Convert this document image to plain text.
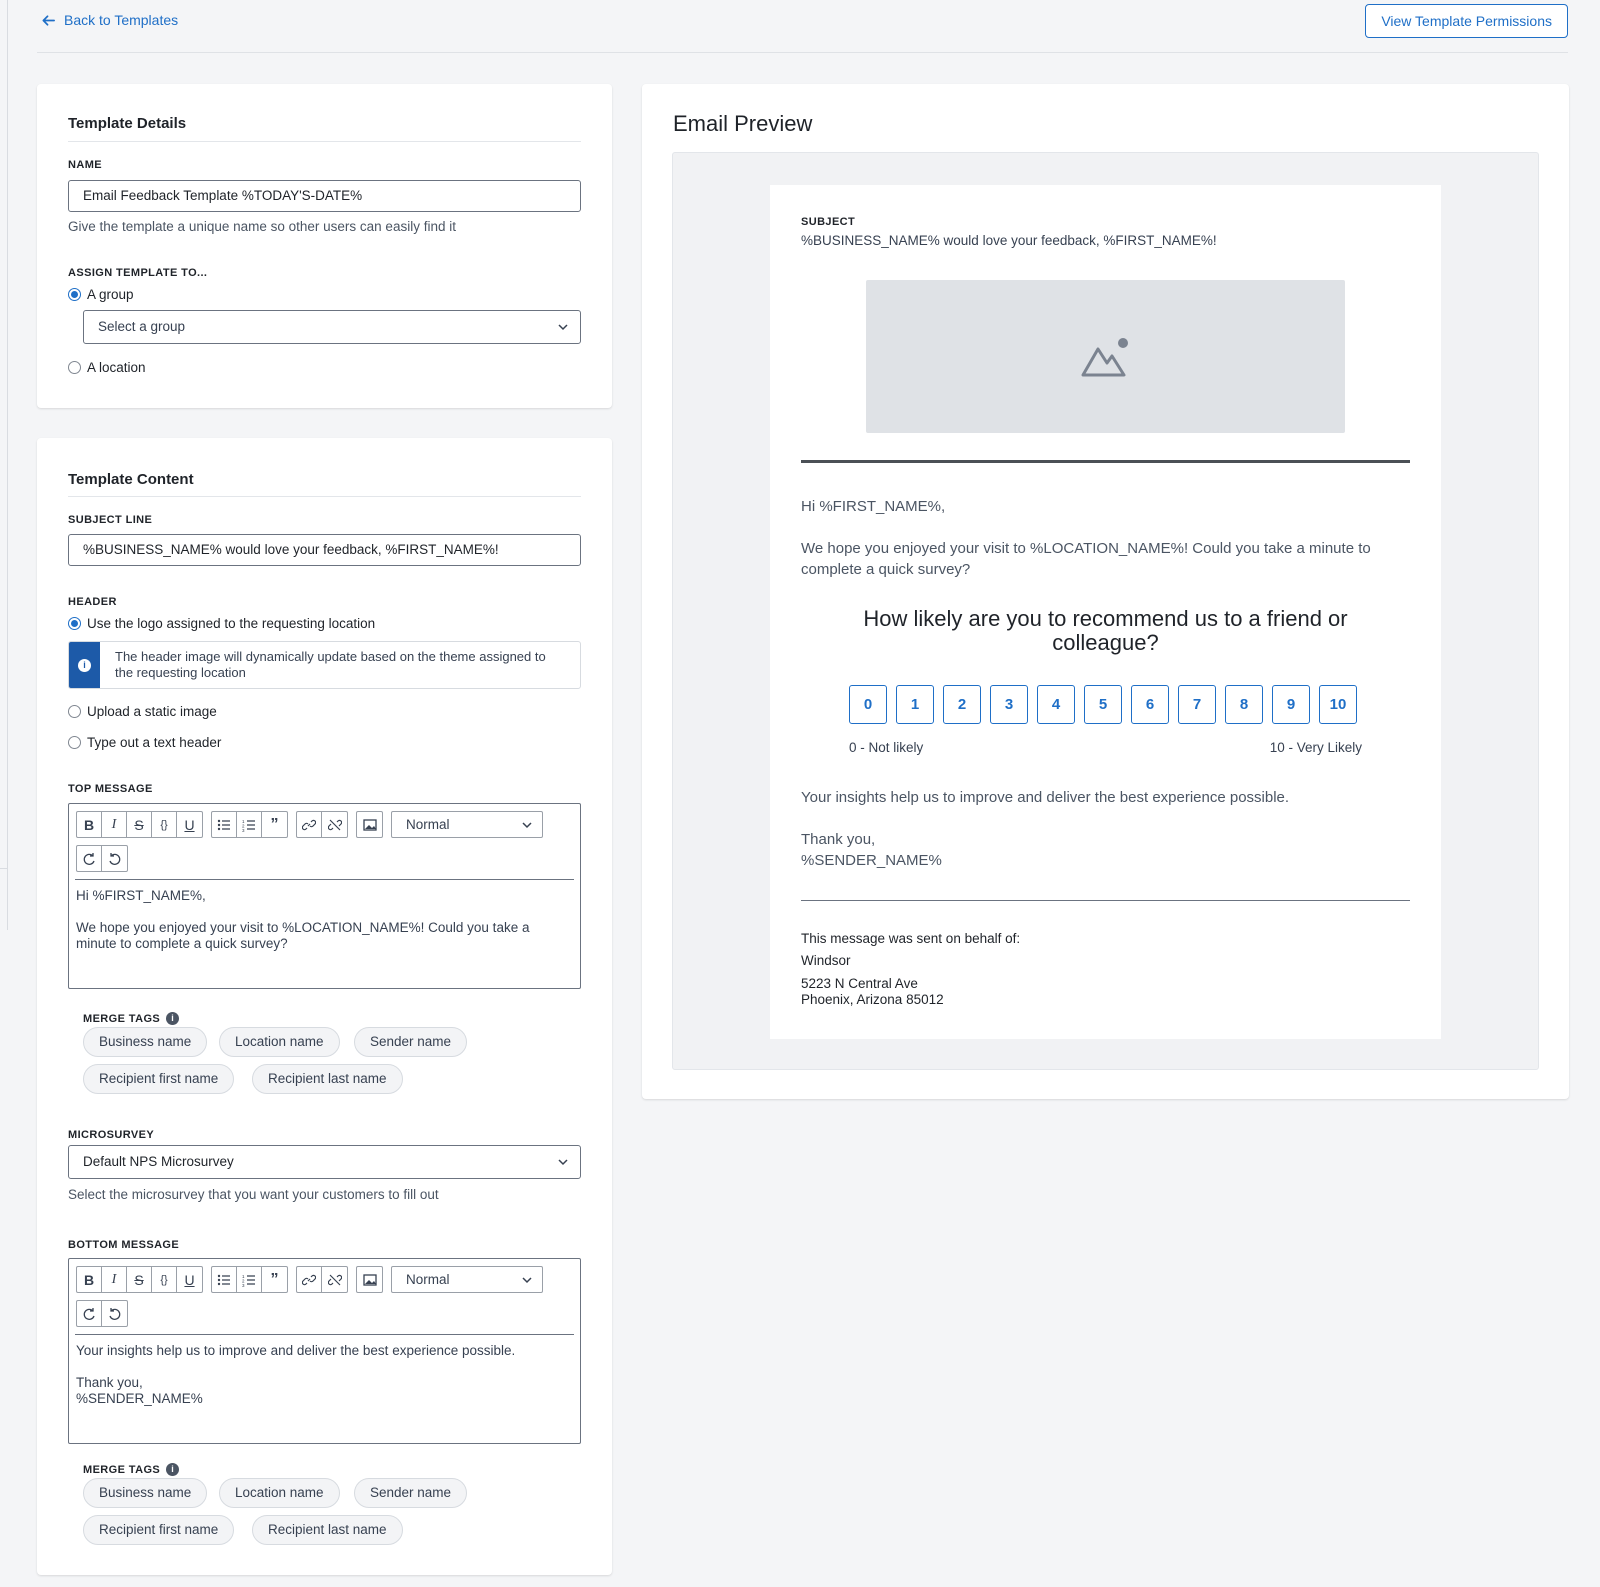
Back to Templates	View Template Permissions
Template Details
NAME
Email Feedback Template %TODAY'S-DATE%
Give the template a unique name so other users can easily find it
ASSIGN TEMPLATE TO...
A group
Select a group
A location
Template Content
SUBJECT LINE
%BUSINESS_NAME% would love your feedback, %FIRST_NAME%!
HEADER
Use the logo assigned to the requesting location
i
The header image will dynamically update based on the theme assigned to the requesting location
Upload a static image
Type out a text header
TOP MESSAGE
B	I	S	{}	U	1
2
3	”	Normal
Hi %FIRST_NAME%,
We hope you enjoyed your visit to %LOCATION_NAME%! Could you take a minute to complete a quick survey?
MERGE TAGS	i
Business name	Location name	Sender name
Recipient first name	Recipient last name
MICROSURVEY
Default NPS Microsurvey
Select the microsurvey that you want your customers to fill out
BOTTOM MESSAGE
B	I	S	{}	U	1
2
3	”	Normal
Your insights help us to improve and deliver the best experience possible.
Thank you,
%SENDER_NAME%
MERGE TAGS	i
Business name	Location name	Sender name
Recipient first name	Recipient last name
Email Preview
SUBJECT
%BUSINESS_NAME% would love your feedback, %FIRST_NAME%!
Hi %FIRST_NAME%,
We hope you enjoyed your visit to %LOCATION_NAME%! Could you take a minute to complete a quick survey?
How likely are you to recommend us to a friend or colleague?
0	1	2	3	4	5	6	7	8	9	10
0 - Not likely	10 - Very Likely
Your insights help us to improve and deliver the best experience possible.
Thank you,
%SENDER_NAME%
This message was sent on behalf of:
Windsor
5223 N Central Ave
Phoenix, Arizona 85012
